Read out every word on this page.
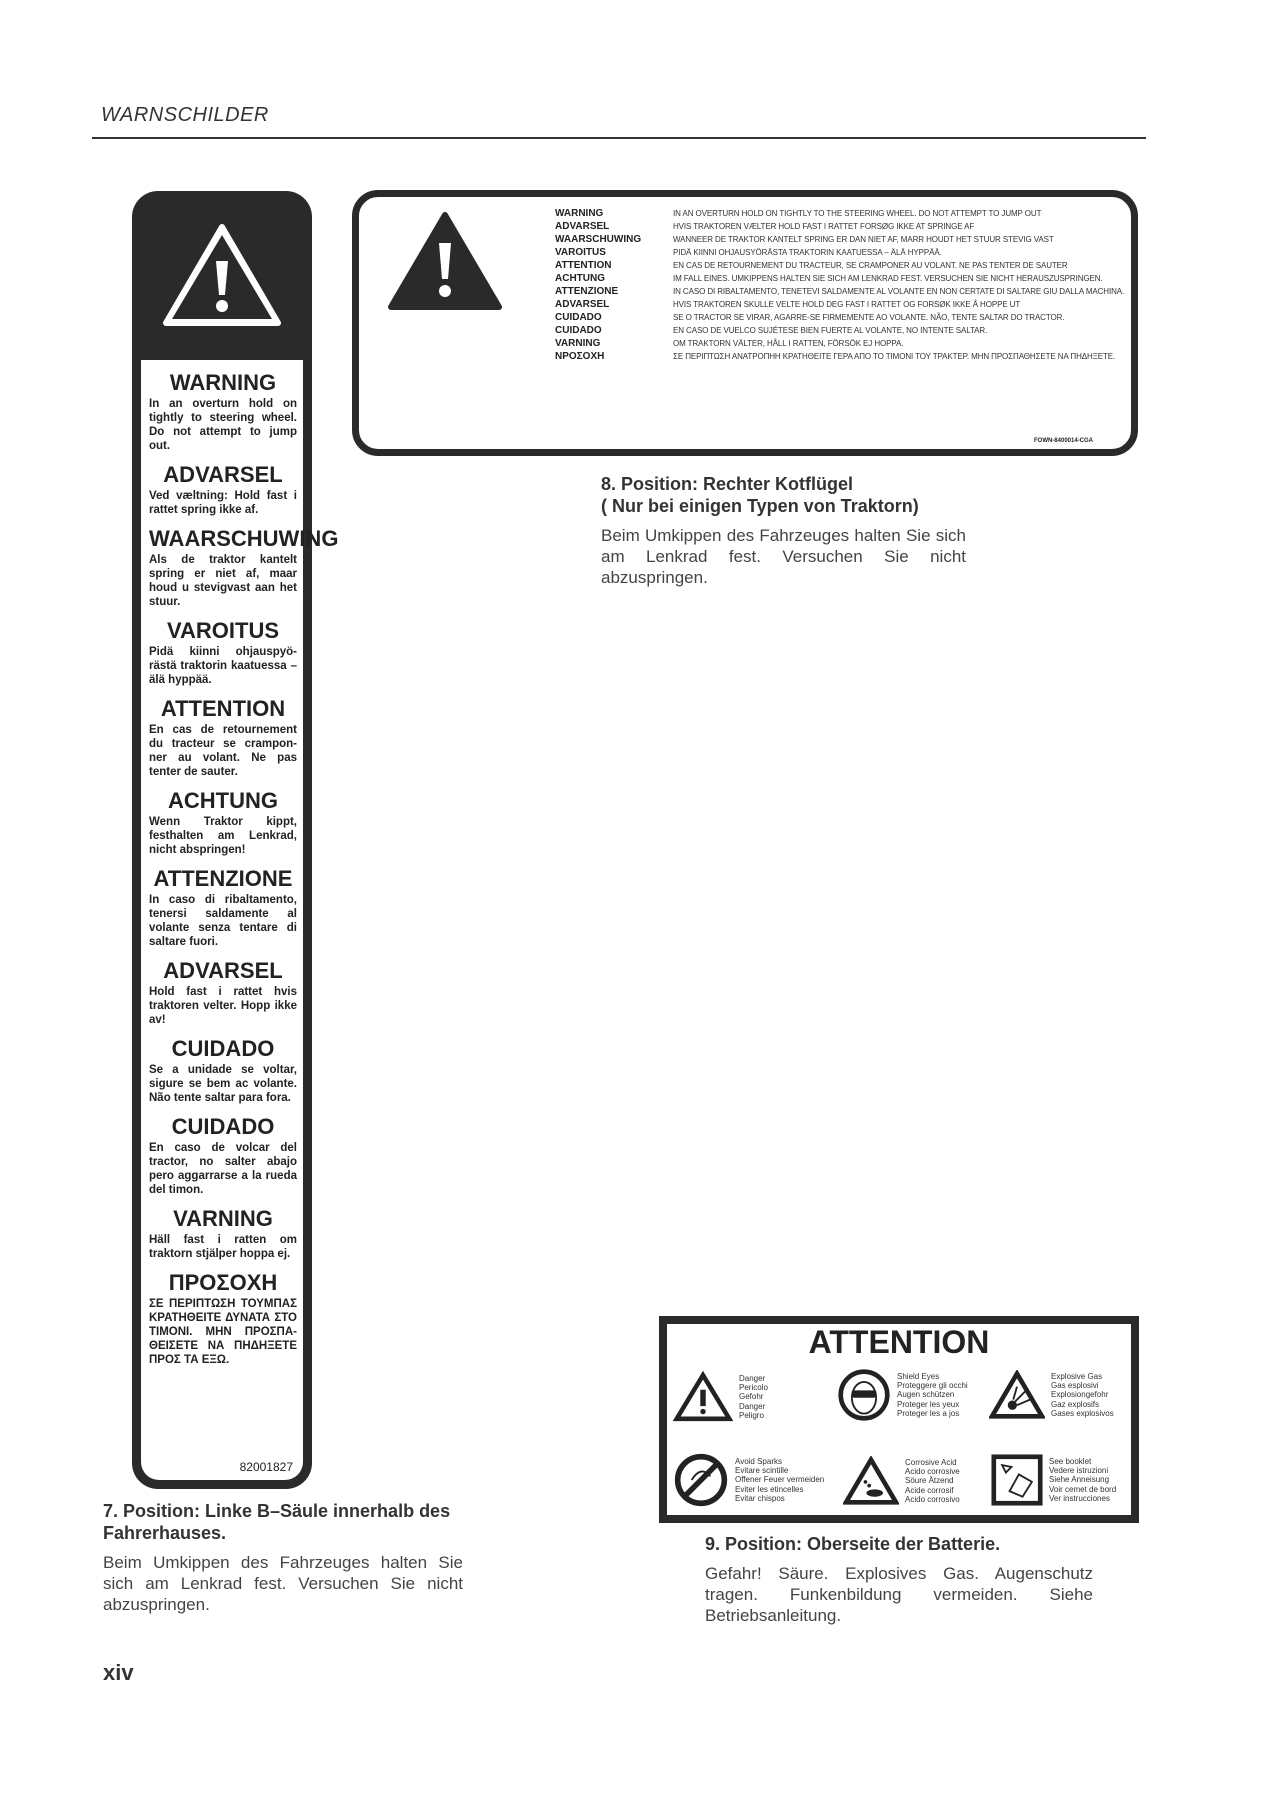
WARNSCHILDER
WARNING

In an overturn hold on tightly to steering wheel. Do not attempt to jump out.

ADVARSEL

Ved væltning: Hold fast i rattet spring ikke af.

WAARSCHUWING

Als de traktor kantelt spring er niet af, maar houd u stevigvast aan het stuur.

VAROITUS

Pidä kiinni ohjauspyö-rästä traktorin kaatuessa – älä hyppää.

ATTENTION

En cas de retournement du tracteur se crampon-ner au volant. Ne pas tenter de sauter.

ACHTUNG

Wenn Traktor kippt, festhalten am Lenkrad, nicht abspringen!

ATTENZIONE

In caso di ribaltamento, tenersi saldamente al volante senza tentare di saltare fuori.

ADVARSEL

Hold fast i rattet hvis traktoren velter. Hopp ikke av!

CUIDADO

Se a unidade se voltar, sigure se bem ac volante. Não tente saltar para fora.

CUIDADO

En caso de volcar del tractor, no salter abajo pero aggarrarse a la rueda del timon.

VARNING

Häll fast i ratten om traktorn stjälper hoppa ej.

ΠΡΟΣΟΧΗ

ΣΕ ΠΕΡΙΠΤΩΣΗ ΤΟΥΜΠΑΣ ΚΡΑΤΗΘΕΙΤΕ ΔΥΝΑΤΑ ΣΤΟ ΤΙΜΟΝΙ. ΜΗΝ ΠΡΟΣΠΑ-ΘΕΙΣΕΤΕ ΝΑ ΠΗΔΗΞΕΤΕ ΠΡΟΣ ΤΑ ΕΞΩ.

82001827
7. Position: Linke B–Säule innerhalb des Fahrerhauses.

Beim Umkippen des Fahrzeuges halten Sie sich am Lenkrad fest. Versuchen Sie nicht abzuspringen.

WARNING	IN AN OVERTURN HOLD ON TIGHTLY TO THE STEERING WHEEL. DO NOT ATTEMPT TO JUMP OUT
ADVARSEL	HVIS TRAKTOREN VÆLTER HOLD FAST I RATTET FORSØG IKKE AT SPRINGE AF
WAARSCHUWING	WANNEER DE TRAKTOR KANTELT SPRING ER DAN NIET AF, MARR HOUDT HET STUUR STEVIG VAST
VAROITUS	PIDÄ KIINNI OHJAUSYÖRÄSTA TRAKTORIN KAATUESSA – ÄLÄ HYPPÄÄ.
ATTENTION	EN CAS DE RETOURNEMENT DU TRACTEUR, SE CRAMPONER AU VOLANT. NE PAS TENTER DE SAUTER
ACHTUNG	IM FALL EINES. UMKIPPENS HALTEN SIE SICH AM LENKRAD FEST. VERSUCHEN SIE NICHT HERAUSZUSPRINGEN.
ATTENZIONE	IN CASO DI RIBALTAMENTO, TENETEVI SALDAMENTE AL VOLANTE EN NON CERTATE DI SALTARE GIU DALLA MACHINA.
ADVARSEL	HVIS TRAKTOREN SKULLE VELTE HOLD DEG FAST I RATTET OG FORSØK IKKE Å HOPPE UT
CUIDADO	SE O TRACTOR SE VIRAR, AGARRE-SE FIRMEMENTE AO VOLANTE. NÃO, TENTE SALTAR DO TRACTOR.
CUIDADO	EN CASO DE VUELCO SUJÉTESE BIEN FUERTE AL VOLANTE, NO INTENTE SALTAR.
VARNING	OM TRAKTORN VÄLTER, HÅLL I RATTEN, FÖRSÖK EJ HOPPA.
ΝΡΟΣΟΧΗ	ΣΕ ΠΕΡΙΠΤΩΣΗ ΑΝΑΤΡΟΠΗΗ ΚΡΑΤΗΘΕΙΤΕ ΓΕΡΑ ΑΠΟ ΤΟ ΤΙΜΟΝΙ ΤΟΥ ΤΡΑΚΤΕΡ. ΜΗΝ ΠΡΟΣΠΑΘΗΣΕΤΕ ΝΑ ΠΗΔΗΞΕΤΕ.
FOWN-8400014-CGA
8. Position: Rechter Kotflügel
( Nur bei einigen Typen von Traktorn)

Beim Umkippen des Fahrzeuges halten Sie sich am Lenkrad fest. Versuchen Sie nicht abzuspringen.

ATTENTION
Danger
Pericolo
Gefohr
Danger
Peligro
Shield Eyes
Proteggere gli occhi
Augen schützen
Proteger les yeux
Proteger les a jos
Explosive Gas
Gas esplosivi
Explosiongefohr
Gaz explosifs
Gases explosivos
Avoid Sparks
Evitare scintille
Offener Feuer vermeiden
Eviter les etincelles
Evitar chispos
Corrosive Acid
Acido corrosive
Söure Ätzend
Acide corrosif
Acido corrosivo
See booklet
Vedere istruzioni
Siehe Anneisung
Voir cemet de bord
Ver instrucciones
9. Position: Oberseite der Batterie.

Gefahr! Säure. Explosives Gas. Augenschutz tragen. Funkenbildung vermeiden. Siehe Betriebsanleitung.

xiv
